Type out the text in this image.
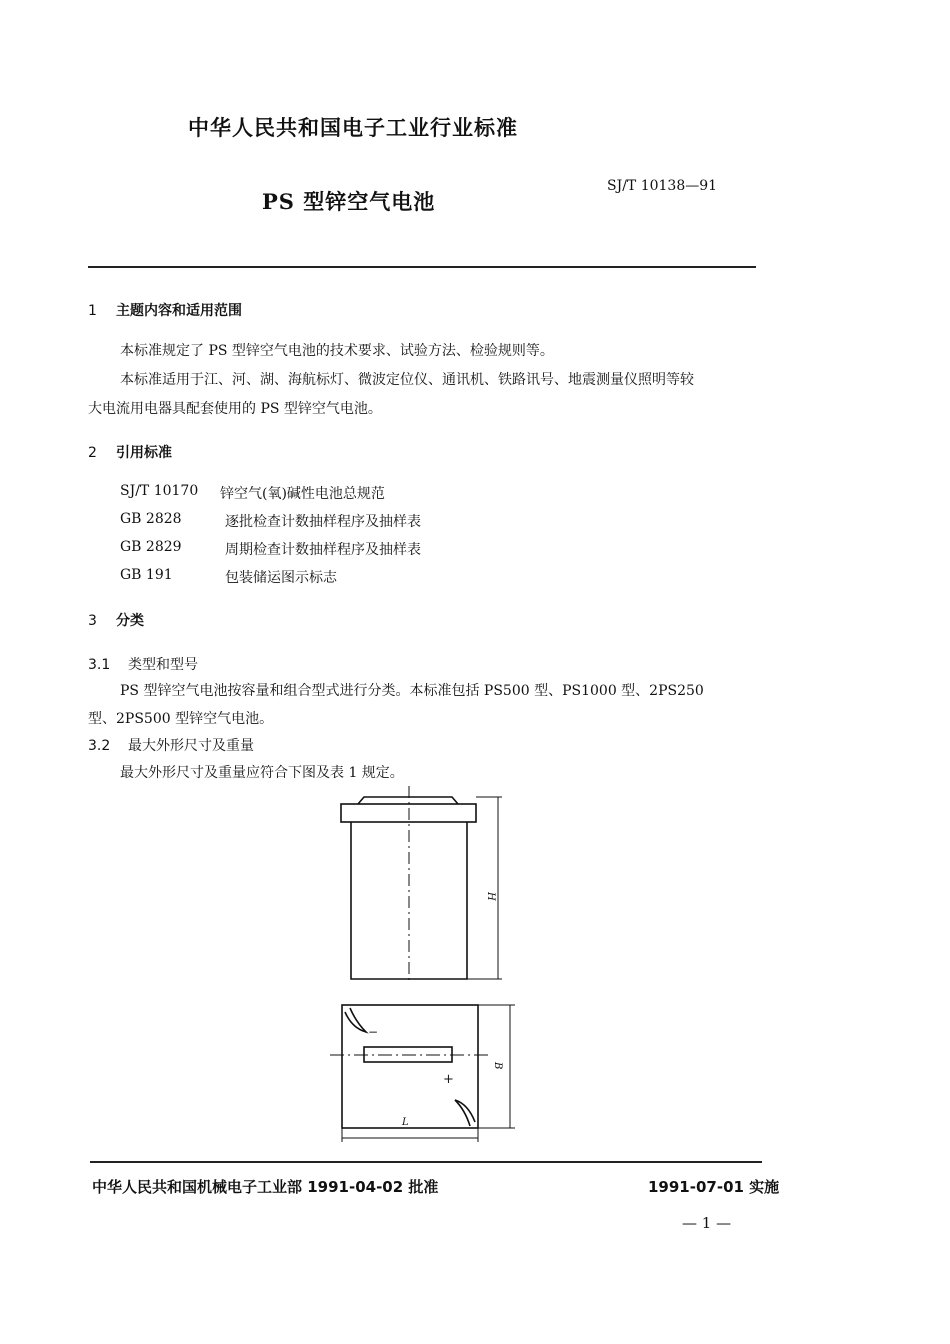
中华人民共和国电子工业行业标准
PS 型锌空气电池
SJ/T 10138—91
1 主题内容和适用范围
本标准规定了 PS 型锌空气电池的技术要求、试验方法、检验规则等。
本标准适用于江、河、湖、海航标灯、微波定位仪、通讯机、铁路讯号、地震测量仪照明等较
大电流用电器具配套使用的 PS 型锌空气电池。
2 引用标准
SJ/T 10170 锌空气(氧)碱性电池总规范
GB 2828	逐批检查计数抽样程序及抽样表
GB 2829	周期检查计数抽样程序及抽样表
GB 191	包装储运图示标志
3 分类
3.1 类型和型号
PS 型锌空气电池按容量和组合型式进行分类。本标准包括 PS500 型、PS1000 型、2PS250
型、2PS500 型锌空气电池。
3.2 最大外形尺寸及重量
最大外形尺寸及重量应符合下图及表 1 规定。
H
B
L
−
+
中华人民共和国机械电子工业部 1991-04-02 批准	1991-07-01 实施
— 1 —
